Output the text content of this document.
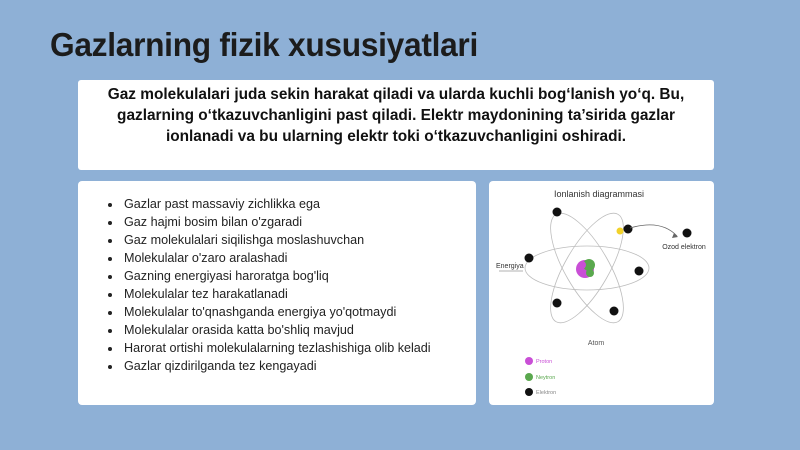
Gazlarning fizik xususiyatlari
Gaz molekulalari juda sekin harakat qiladi va ularda kuchli bog‘lanish yo‘q. Bu, gazlarning o‘tkazuvchanligini past qiladi. Elektr maydonining ta’sirida gazlar ionlanadi va bu ularning elektr toki o‘tkazuvchanligini oshiradi.
• Gazlar past massaviy zichlikka ega
• Gaz hajmi bosim bilan o'zgaradi
• Gaz molekulalari siqilishga moslashuvchan
• Molekulalar o'zaro aralashadi
• Gazning energiyasi haroratga bog'liq
• Molekulalar tez harakatlanadi
• Molekulalar to'qnashganda energiya yo'qotmaydi
• Molekulalar orasida katta bo'shliq mavjud
• Harorat ortishi molekulalarning tezlashishiga olib keladi
• Gazlar qizdirilganda tez kengayadi
Ionlanish diagrammasi
Ozod elektron
Energiya
Atom
Proton
Neytron
Elektron
